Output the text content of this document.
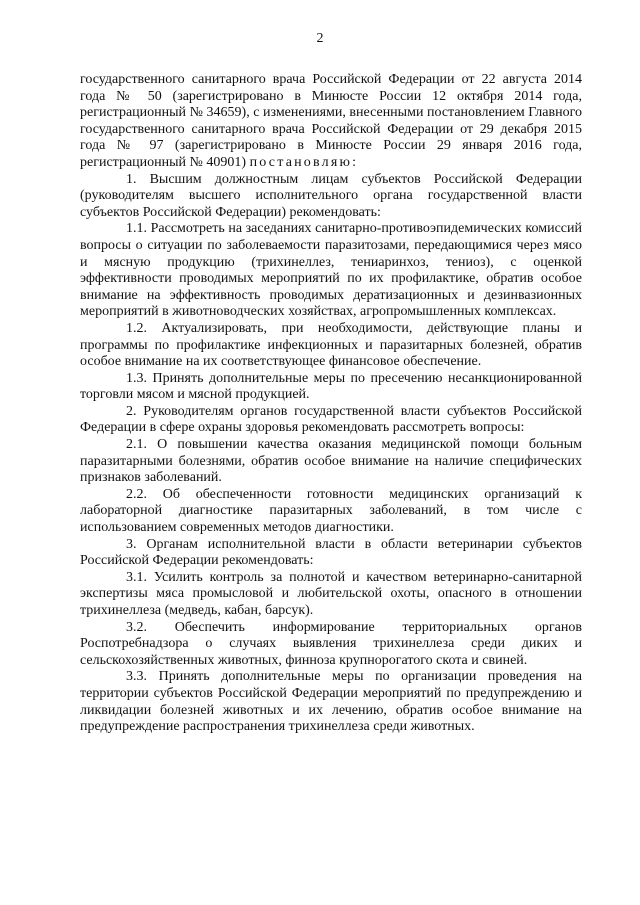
2

государственного санитарного врача Российской Федерации от 22 августа 2014 года № 50 (зарегистрировано в Минюсте России 12 октября 2014 года, регистрационный № 34659), с изменениями, внесенными постановлением Главного государственного санитарного врача Российской Федерации от 29 декабря 2015 года № 97 (зарегистрировано в Минюсте России 29 января 2016 года, регистрационный № 40901) постановляю:

1. Высшим должностным лицам субъектов Российской Федерации (руководителям высшего исполнительного органа государственной власти субъектов Российской Федерации) рекомендовать:

1.1. Рассмотреть на заседаниях санитарно-противоэпидемических комиссий вопросы о ситуации по заболеваемости паразитозами, передающимися через мясо и мясную продукцию (трихинеллез, тениаринхоз, тениоз), с оценкой эффективности проводимых мероприятий по их профилактике, обратив особое внимание на эффективность проводимых дератизационных и дезинвазионных мероприятий в животноводческих хозяйствах, агропромышленных комплексах.

1.2. Актуализировать, при необходимости, действующие планы и программы по профилактике инфекционных и паразитарных болезней, обратив особое внимание на их соответствующее финансовое обеспечение.

1.3. Принять дополнительные меры по пресечению несанкционированной торговли мясом и мясной продукцией.

2. Руководителям органов государственной власти субъектов Российской Федерации в сфере охраны здоровья рекомендовать рассмотреть вопросы:

2.1. О повышении качества оказания медицинской помощи больным паразитарными болезнями, обратив особое внимание на наличие специфических признаков заболеваний.

2.2. Об обеспеченности готовности медицинских организаций к лабораторной диагностике паразитарных заболеваний, в том числе с использованием современных методов диагностики.

3. Органам исполнительной власти в области ветеринарии субъектов Российской Федерации рекомендовать:

3.1. Усилить контроль за полнотой и качеством ветеринарно-санитарной экспертизы мяса промысловой и любительской охоты, опасного в отношении трихинеллеза (медведь, кабан, барсук).

3.2. Обеспечить информирование территориальных органов Роспотребнадзора о случаях выявления трихинеллеза среди диких и сельскохозяйственных животных, финноза крупнорогатого скота и свиней.

3.3. Принять дополнительные меры по организации проведения на территории субъектов Российской Федерации мероприятий по предупреждению и ликвидации болезней животных и их лечению, обратив особое внимание на предупреждение распространения трихинеллеза среди животных.
